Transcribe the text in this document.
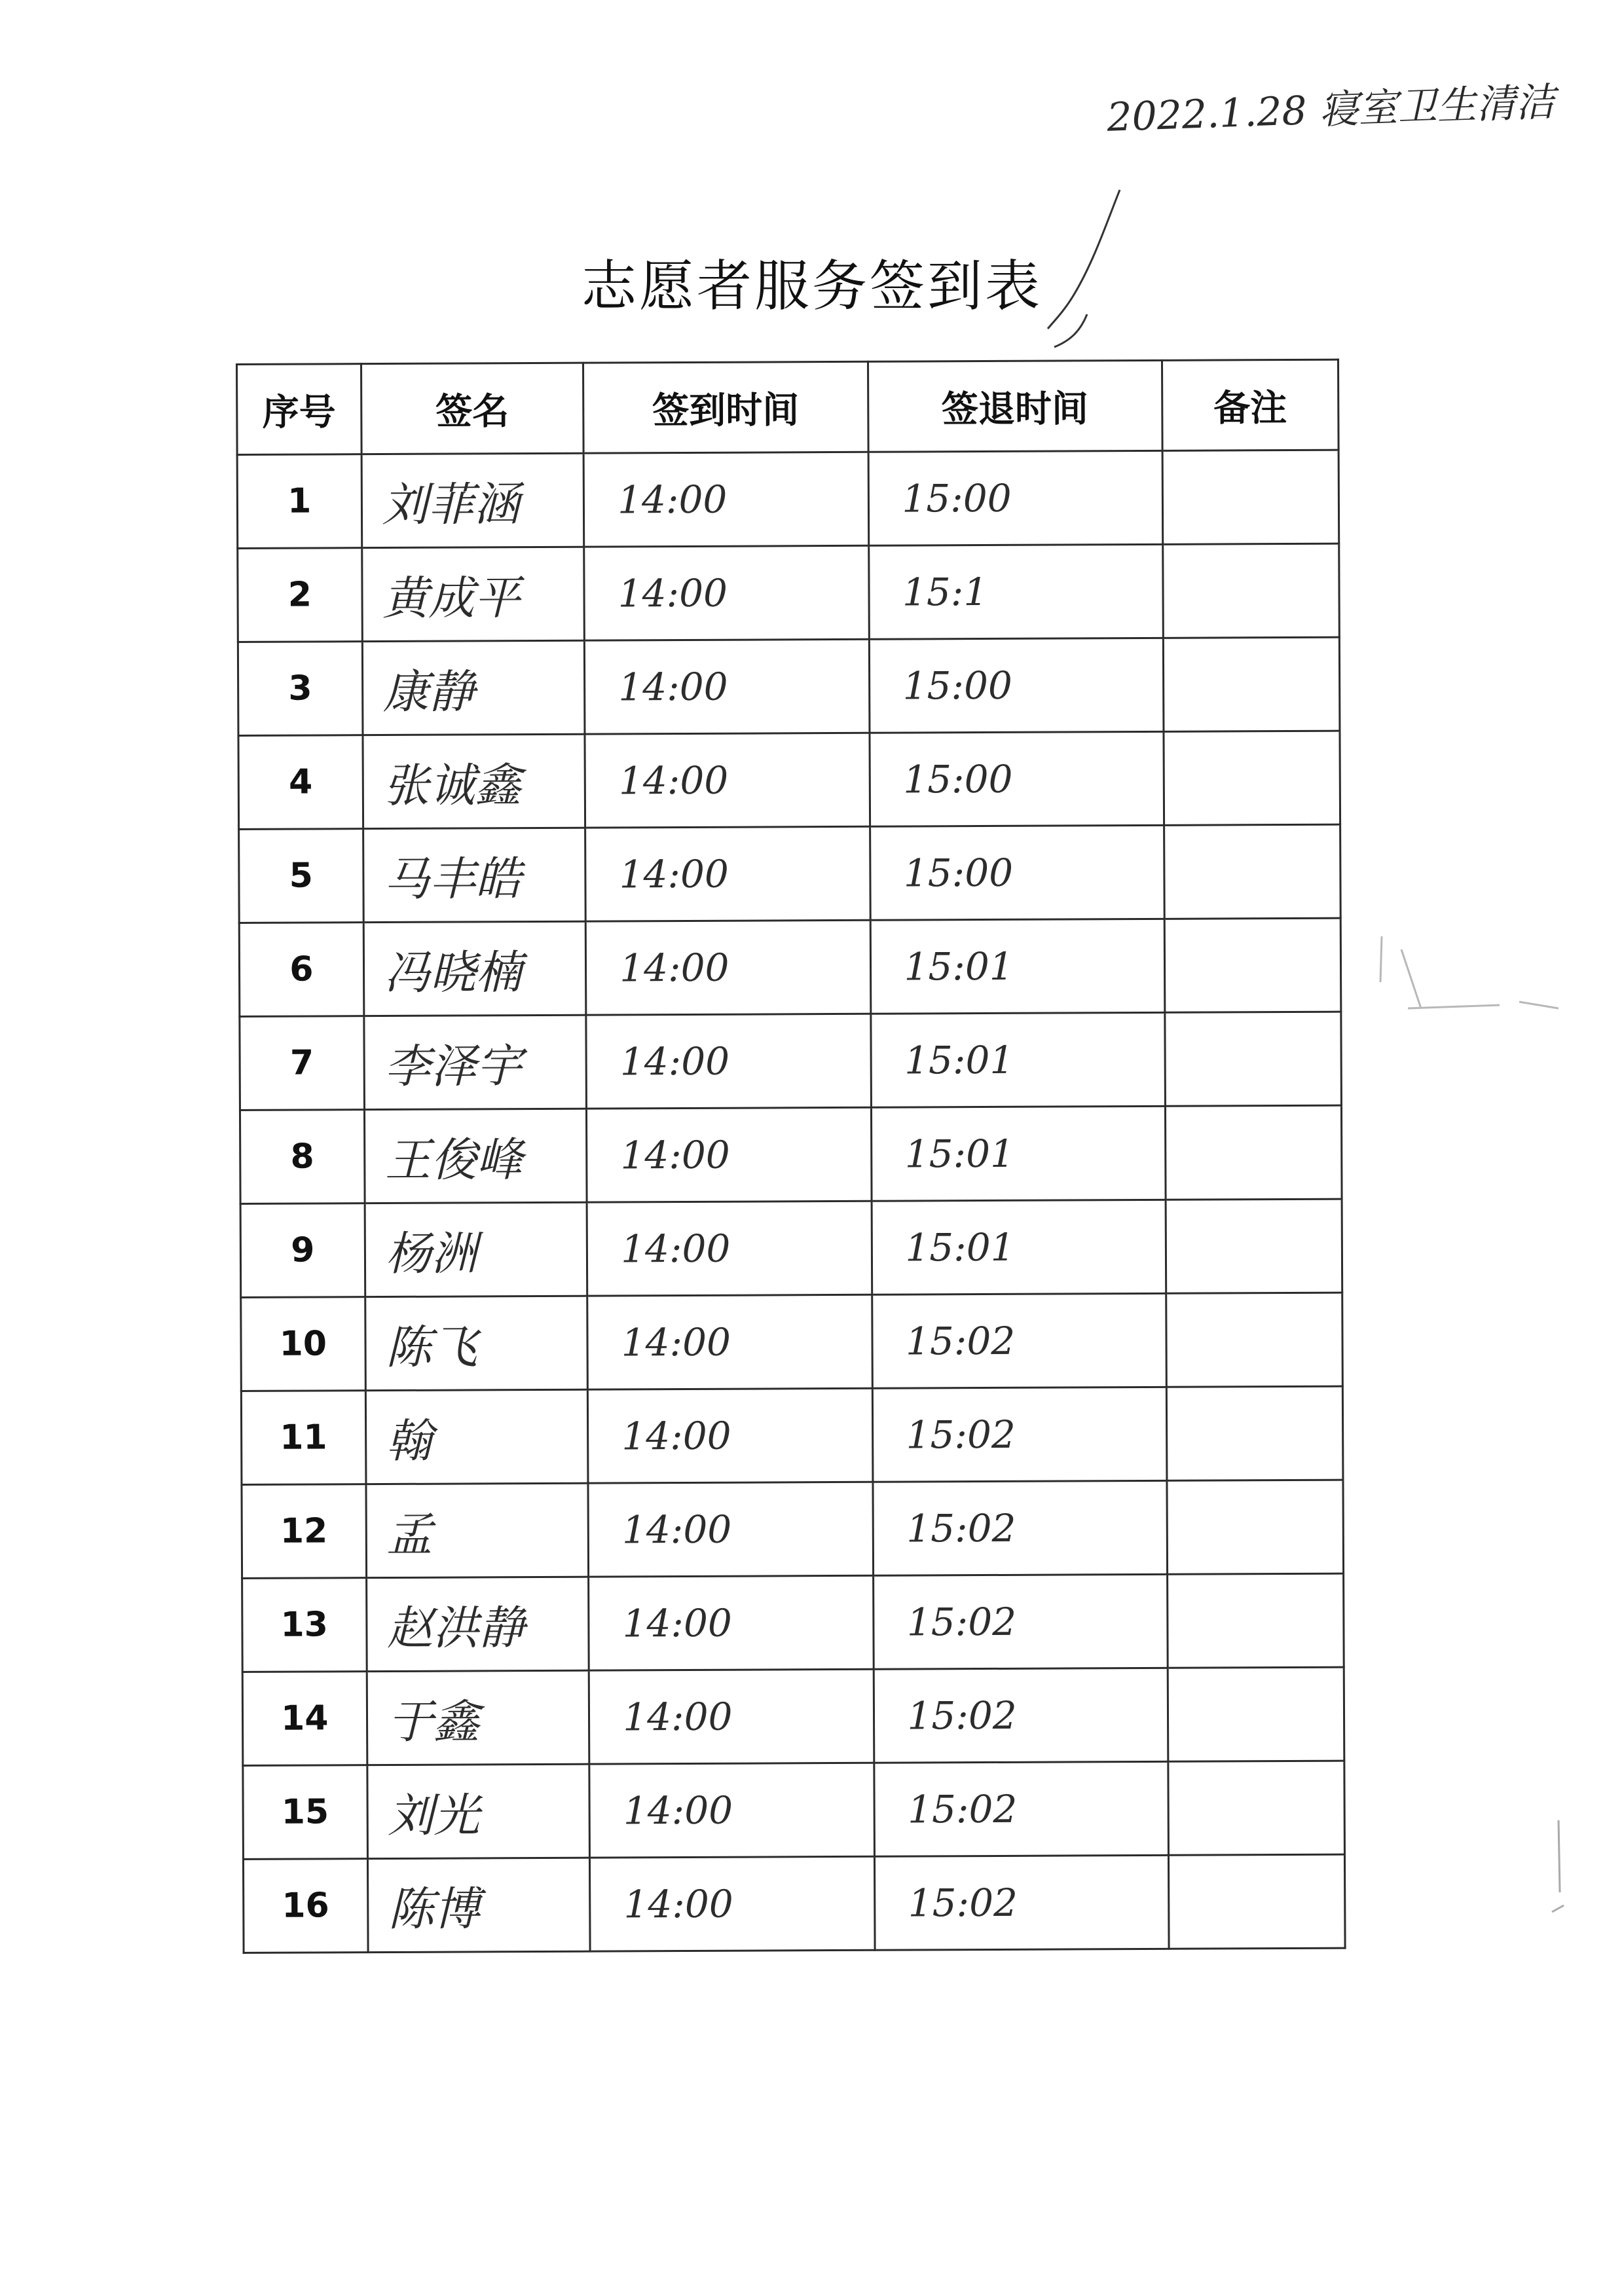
2022.1.28 寝室卫生清洁
志愿者服务签到表
序号	签名	签到时间	签退时间	备注
1	刘菲涵	14:00	15:00	
2	黄成平	14:00	15:1	
3	康静	14:00	15:00	
4	张诚鑫	14:00	15:00	
5	马丰皓	14:00	15:00	
6	冯晓楠	14:00	15:01	
7	李泽宇	14:00	15:01	
8	王俊峰	14:00	15:01	
9	杨洲	14:00	15:01	
10	陈飞	14:00	15:02	
11	翰	14:00	15:02	
12	孟	14:00	15:02	
13	赵洪静	14:00	15:02	
14	于鑫	14:00	15:02	
15	刘光	14:00	15:02	
16	陈博	14:00	15:02	
